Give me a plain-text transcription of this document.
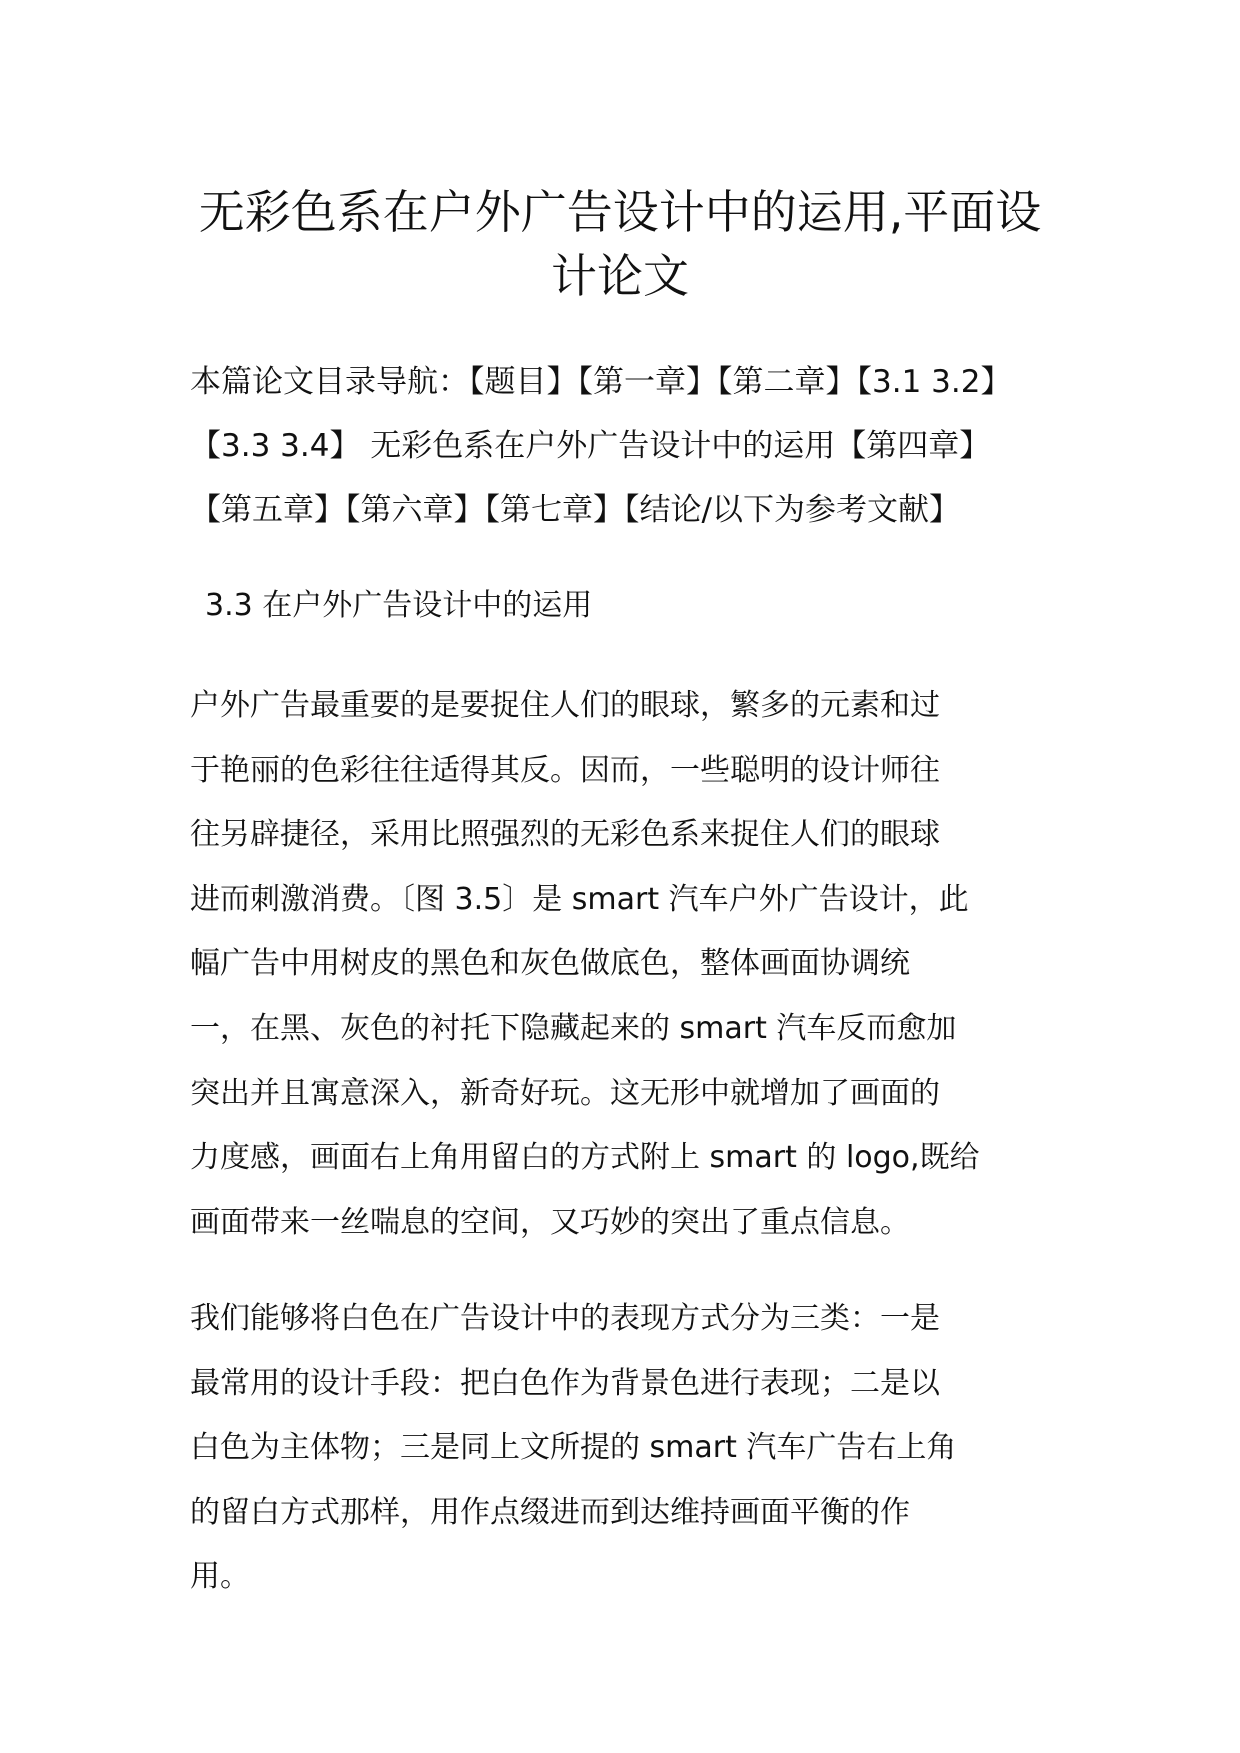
无彩色系在户外广告设计中的运用,平面设
计论文

本篇论文目录导航：【题目】【第一章】【第二章】【3.1 3.2】
【3.3 3.4】 无彩色系在户外广告设计中的运用【第四章】
【第五章】【第六章】【第七章】【结论/以下为参考文献】

3.3 在户外广告设计中的运用

户外广告最重要的是要捉住人们的眼球，繁多的元素和过
于艳丽的色彩往往适得其反。因而，一些聪明的设计师往
往另辟捷径，采用比照强烈的无彩色系来捉住人们的眼球
进而刺激消费。〔图 3.5〕是 smart 汽车户外广告设计，此
幅广告中用树皮的黑色和灰色做底色，整体画面协调统
一，在黑、灰色的衬托下隐藏起来的 smart 汽车反而愈加
突出并且寓意深入，新奇好玩。这无形中就增加了画面的
力度感，画面右上角用留白的方式附上 smart 的 logo,既给
画面带来一丝喘息的空间，又巧妙的突出了重点信息。

我们能够将白色在广告设计中的表现方式分为三类：一是
最常用的设计手段：把白色作为背景色进行表现；二是以
白色为主体物；三是同上文所提的 smart 汽车广告右上角
的留白方式那样，用作点缀进而到达维持画面平衡的作
用。
